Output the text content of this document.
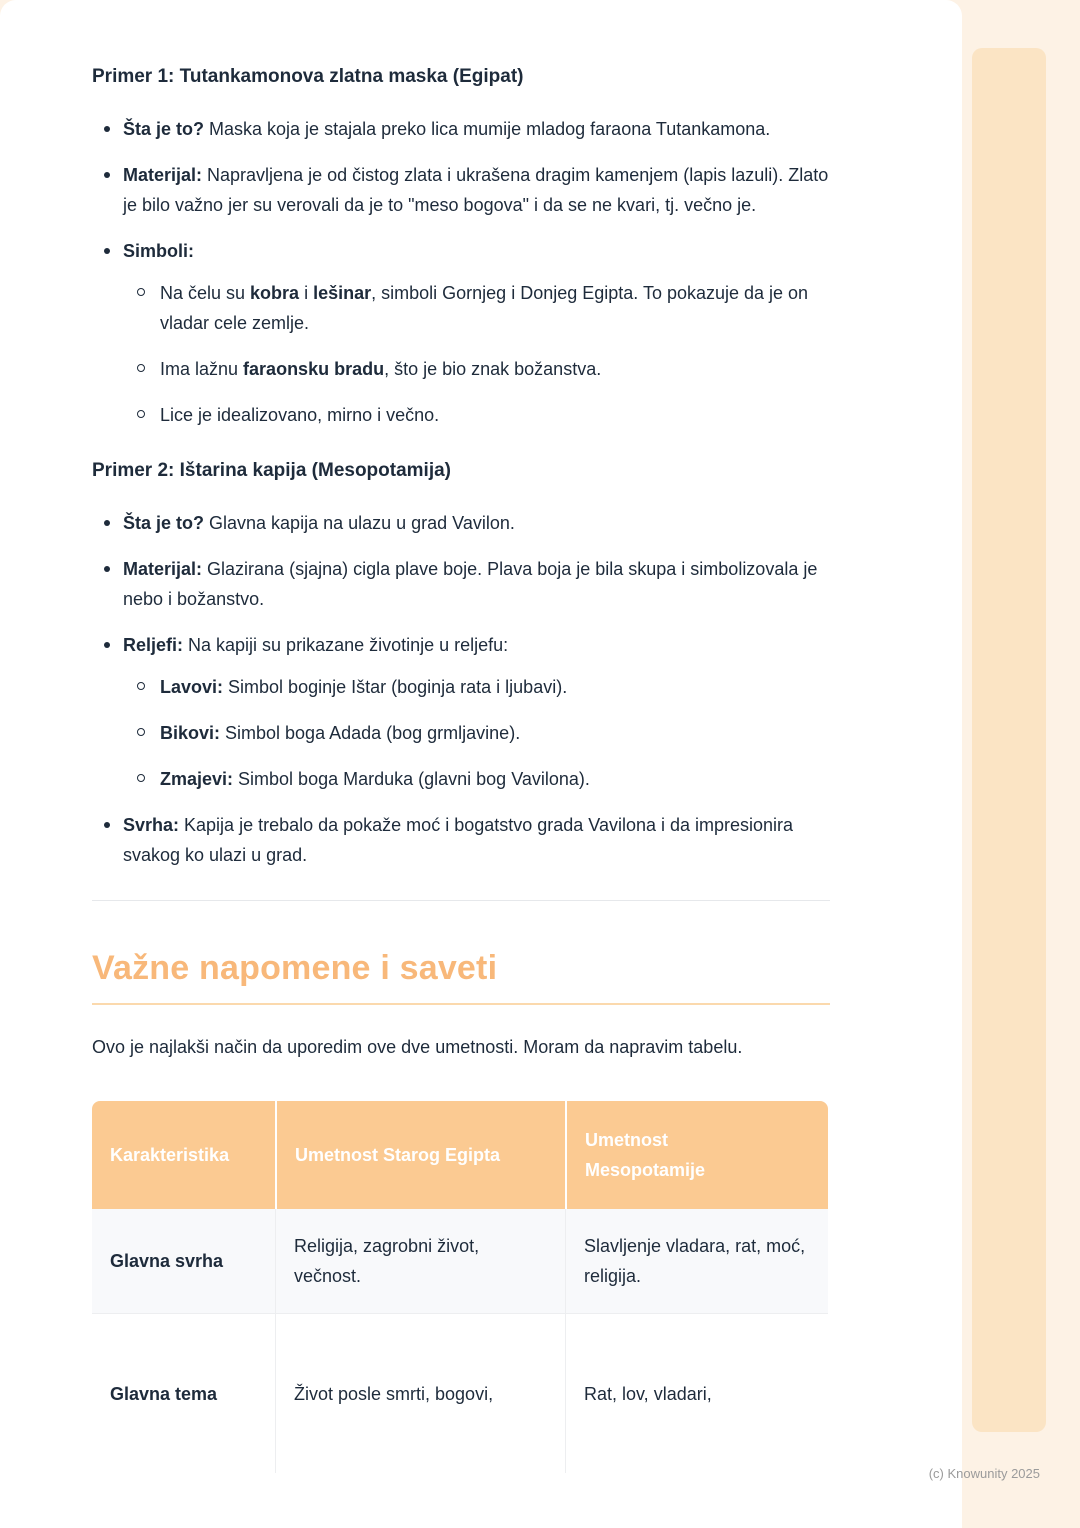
Primer 1: Tutankamonova zlatna maska (Egipat)

Šta je to? Maska koja je stajala preko lica mumije mladog faraona Tutankamona.

Materijal: Napravljena je od čistog zlata i ukrašena dragim kamenjem (lapis lazuli). Zlato je bilo važno jer su verovali da je to "meso bogova" i da se ne kvari, tj. večno je.

Simboli:

Na čelu su kobra i lešinar, simboli Gornjeg i Donjeg Egipta. To pokazuje da je on vladar cele zemlje.

Ima lažnu faraonsku bradu, što je bio znak božanstva.

Lice je idealizovano, mirno i večno.

Primer 2: Ištarina kapija (Mesopotamija)

Šta je to? Glavna kapija na ulazu u grad Vavilon.

Materijal: Glazirana (sjajna) cigla plave boje. Plava boja je bila skupa i simbolizovala je nebo i božanstvo.

Reljefi: Na kapiji su prikazane životinje u reljefu:

Lavovi: Simbol boginje Ištar (boginja rata i ljubavi).

Bikovi: Simbol boga Adada (bog grmljavine).

Zmajevi: Simbol boga Marduka (glavni bog Vavilona).

Svrha: Kapija je trebalo da pokaže moć i bogatstvo grada Vavilona i da impresionira svakog ko ulazi u grad.

Važne napomene i saveti

Ovo je najlakši način da uporedim ove dve umetnosti. Moram da napravim tabelu.

Karakteristika	Umetnost Starog Egipta	Umetnost Mesopotamije

Glavna svrha	Religija, zagrobni život, večnost.	Slavljenje vladara, rat, moć, religija.
Glavna tema	Život posle smrti, bogovi,	Rat, lov, vladari,
(c) Knowunity 2025
